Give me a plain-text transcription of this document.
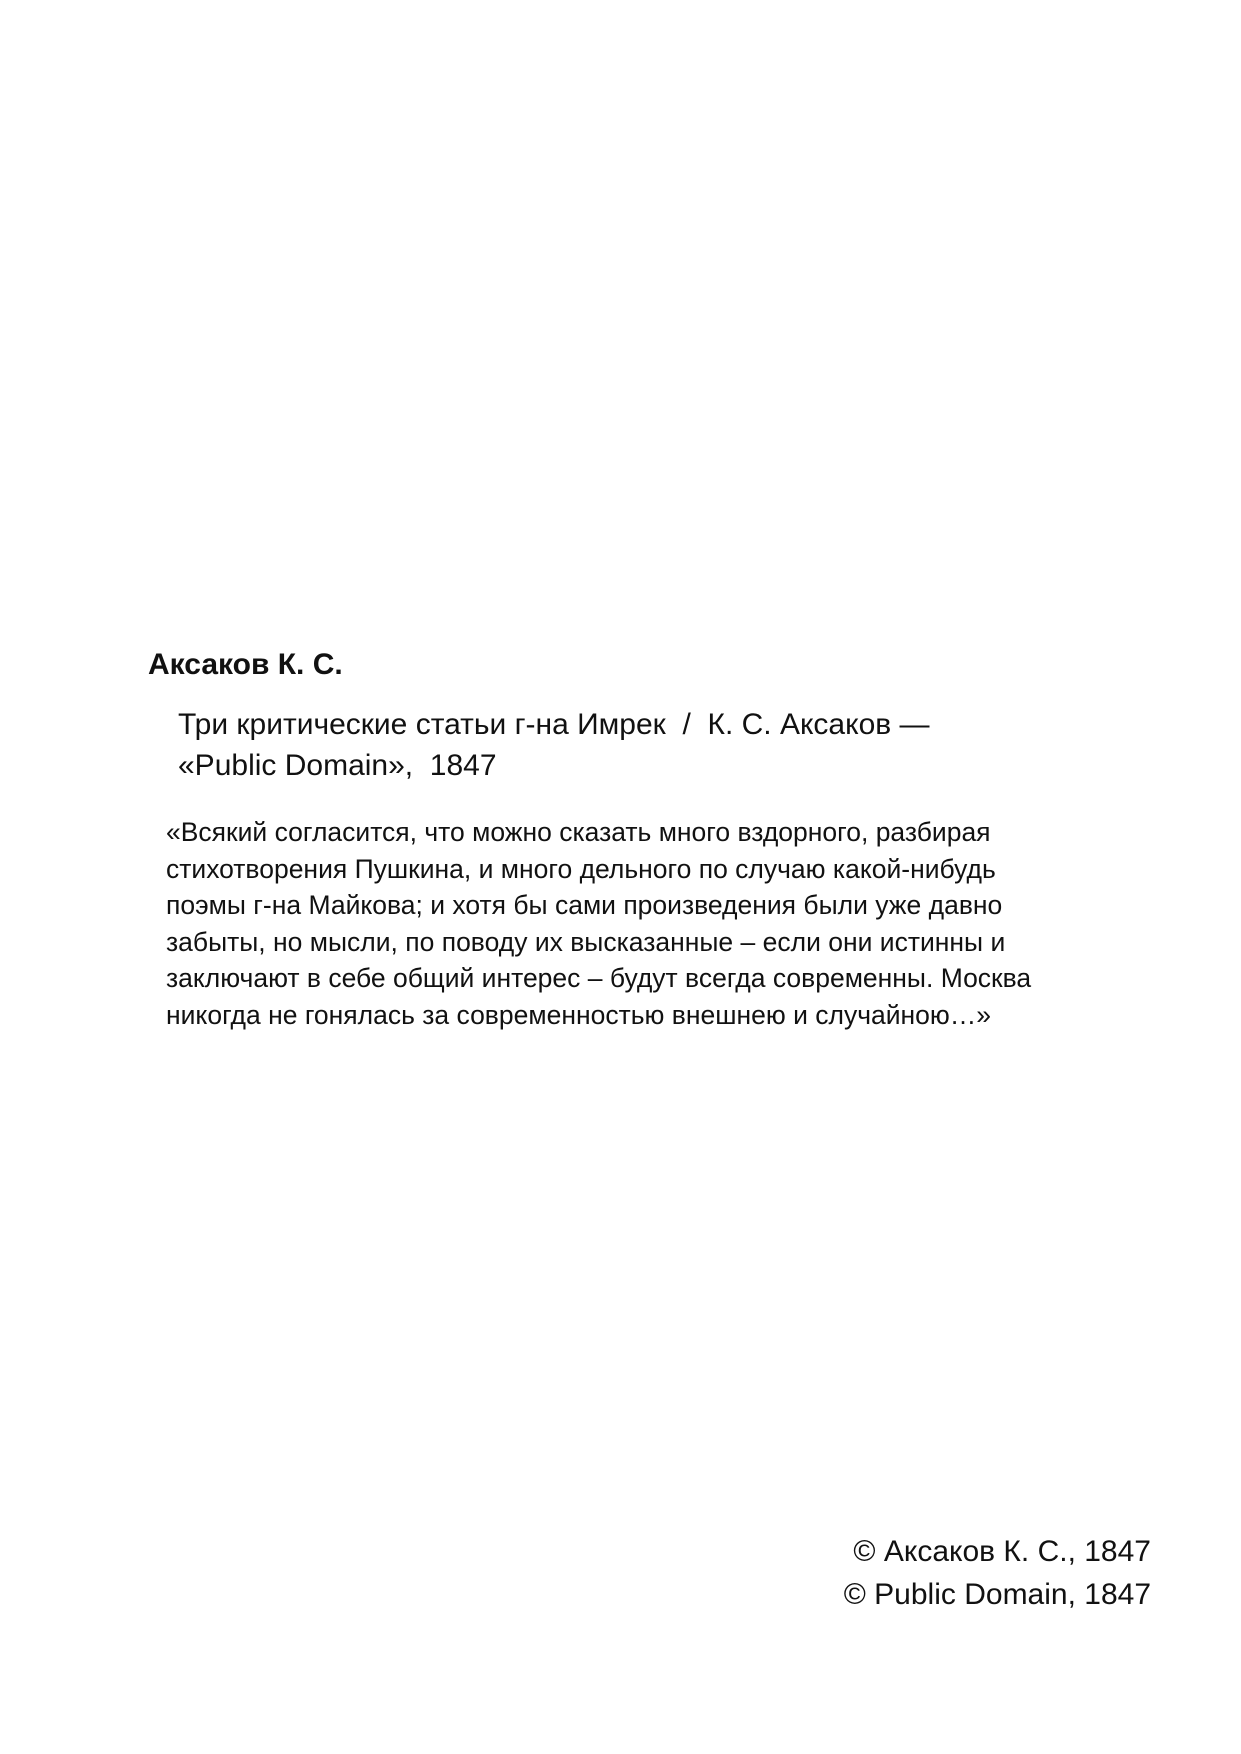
Аксаков К. С.
Три критические статьи г-на Имрек  /  К. С. Аксаков —
«Public Domain»,  1847
«Всякий согласится, что можно сказать много вздорного, разбирая
стихотворения Пушкина, и много дельного по случаю какой-нибудь
поэмы г-на Майкова; и хотя бы сами произведения были уже давно
забыты, но мысли, по поводу их высказанные – если они истинны и
заключают в себе общий интерес – будут всегда современны. Москва
никогда не гонялась за современностью внешнею и случайною…»
© Аксаков К. С., 1847
© Public Domain, 1847
